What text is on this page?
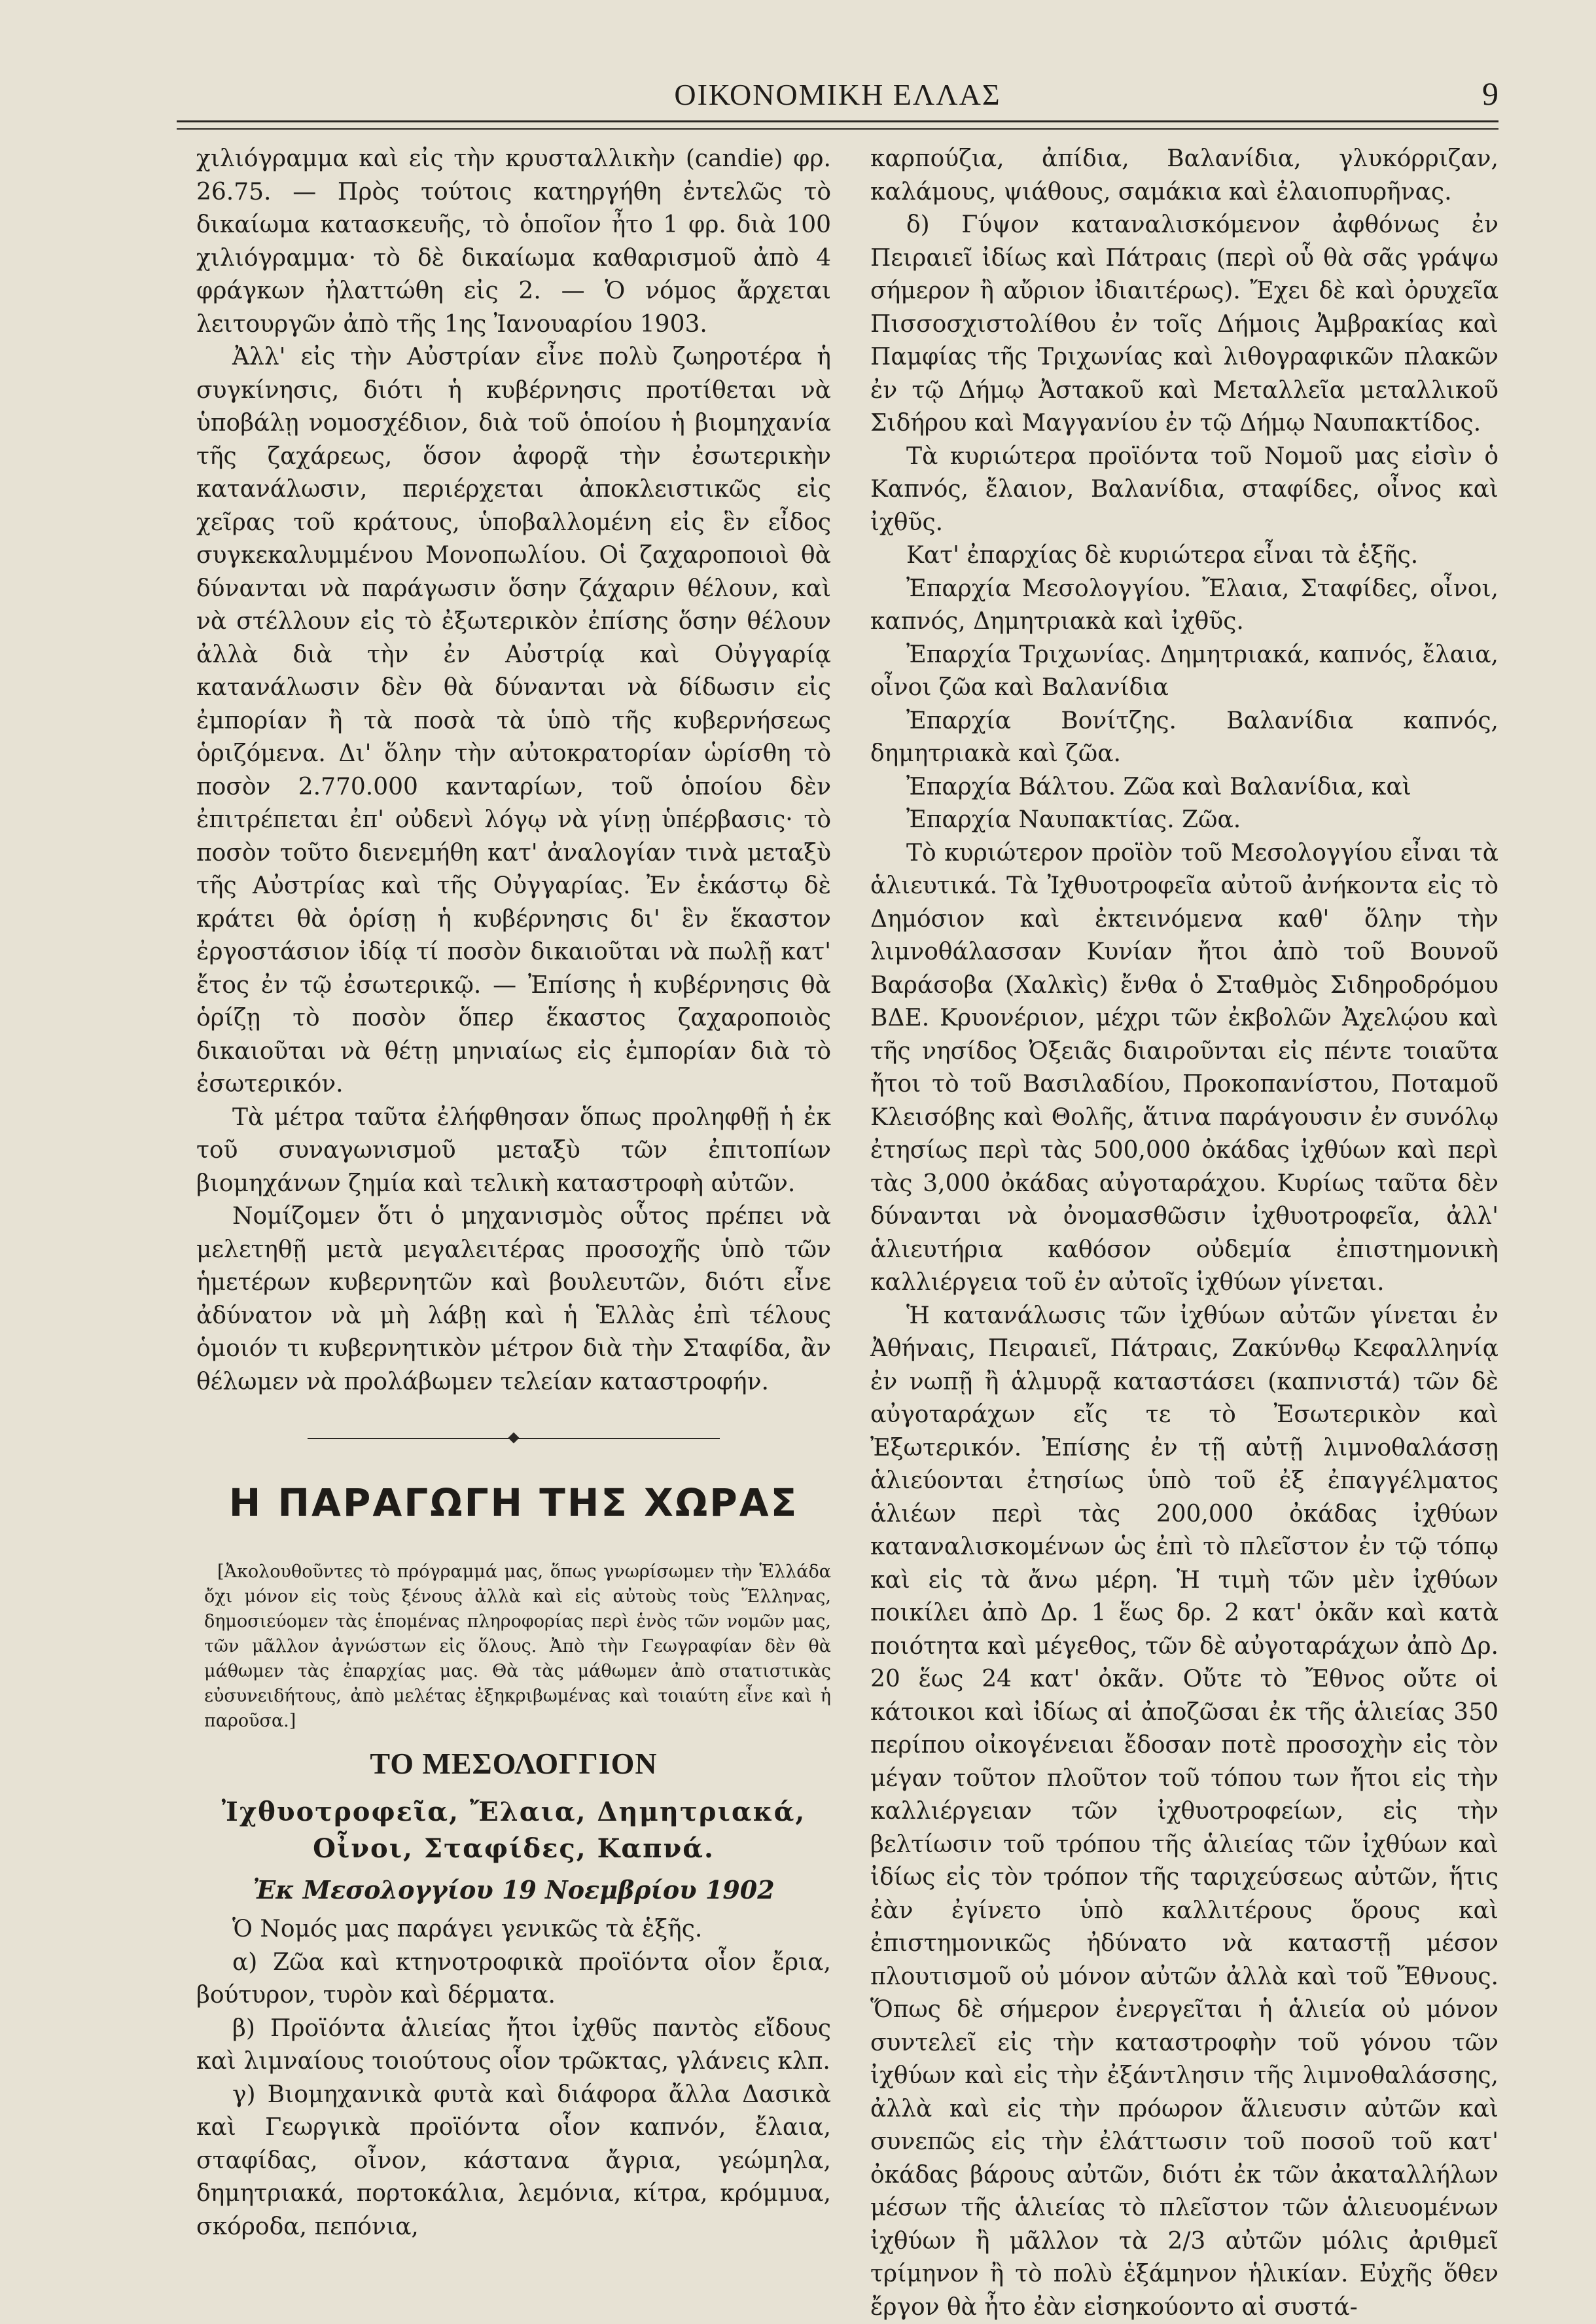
ΟΙΚΟΝΟΜΙΚΗ ΕΛΛΑΣ	9

χιλιόγραμμα καὶ εἰς τὴν κρυσταλλικὴν (candie) φρ. 26.75. — Πρὸς τούτοις κατηργήθη ἐντελῶς τὸ δικαίωμα κατασκευῆς, τὸ ὁποῖον ἦτο 1 φρ. διὰ 100 χιλιόγραμμα· τὸ δὲ δικαίωμα καθαρισμοῦ ἀπὸ 4 φράγκων ἠλαττώθη εἰς 2. — Ὁ νόμος ἄρχεται λειτουργῶν ἀπὸ τῆς 1ης Ἰανουαρίου 1903.

Ἀλλ' εἰς τὴν Αὐστρίαν εἶνε πολὺ ζωηροτέρα ἡ συγκίνησις, διότι ἡ κυβέρνησις προτίθεται νὰ ὑποβάλῃ νομοσχέδιον, διὰ τοῦ ὁποίου ἡ βιομηχανία τῆς ζαχάρεως, ὅσον ἀφορᾷ τὴν ἐσωτερικὴν κατανάλωσιν, περιέρχεται ἀποκλειστικῶς εἰς χεῖρας τοῦ κράτους, ὑποβαλλομένη εἰς ἓν εἶδος συγκεκαλυμμένου Μονοπωλίου. Οἱ ζαχαροποιοὶ θὰ δύνανται νὰ παράγωσιν ὅσην ζάχαριν θέλουν, καὶ νὰ στέλλουν εἰς τὸ ἐξωτερικὸν ἐπίσης ὅσην θέλουν ἀλλὰ διὰ τὴν ἐν Αὐστρίᾳ καὶ Οὐγγαρίᾳ κατανάλωσιν δὲν θὰ δύνανται νὰ δίδωσιν εἰς ἐμπορίαν ἢ τὰ ποσὰ τὰ ὑπὸ τῆς κυβερνήσεως ὁριζόμενα. Δι' ὅλην τὴν αὐτοκρατορίαν ὡρίσθη τὸ ποσὸν 2.770.000 κανταρίων, τοῦ ὁποίου δὲν ἐπιτρέπεται ἐπ' οὐδενὶ λόγῳ νὰ γίνῃ ὑπέρβασις· τὸ ποσὸν τοῦτο διενεμήθη κατ' ἀναλογίαν τινὰ μεταξὺ τῆς Αὐστρίας καὶ τῆς Οὐγγαρίας. Ἐν ἑκάστῳ δὲ κράτει θὰ ὁρίσῃ ἡ κυβέρνησις δι' ἓν ἕκαστον ἐργοστάσιον ἰδίᾳ τί ποσὸν δικαιοῦται νὰ πωλῇ κατ' ἔτος ἐν τῷ ἐσωτερικῷ. — Ἐπίσης ἡ κυβέρνησις θὰ ὁρίζῃ τὸ ποσὸν ὅπερ ἕκαστος ζαχαροποιὸς δικαιοῦται νὰ θέτῃ μηνιαίως εἰς ἐμπορίαν διὰ τὸ ἐσωτερικόν.

Τὰ μέτρα ταῦτα ἐλήφθησαν ὅπως προληφθῇ ἡ ἐκ τοῦ συναγωνισμοῦ μεταξὺ τῶν ἐπιτοπίων βιομηχάνων ζημία καὶ τελικὴ καταστροφὴ αὐτῶν.

Νομίζομεν ὅτι ὁ μηχανισμὸς οὗτος πρέπει νὰ μελετηθῇ μετὰ μεγαλειτέρας προσοχῆς ὑπὸ τῶν ἡμετέρων κυβερνητῶν καὶ βουλευτῶν, διότι εἶνε ἀδύνατον νὰ μὴ λάβῃ καὶ ἡ Ἑλλὰς ἐπὶ τέλους ὁμοιόν τι κυβερνητικὸν μέτρον διὰ τὴν Σταφίδα, ἂν θέλωμεν νὰ προλάβωμεν τελείαν καταστροφήν.

Η ΠΑΡΑΓΩΓΗ ΤΗΣ ΧΩΡΑΣ

[Ἀκολουθοῦντες τὸ πρόγραμμά μας, ὅπως γνωρίσωμεν τὴν Ἑλλάδα ὄχι μόνον εἰς τοὺς ξένους ἀλλὰ καὶ εἰς αὐτοὺς τοὺς Ἕλληνας, δημοσιεύομεν τὰς ἑπομένας πληροφορίας περὶ ἑνὸς τῶν νομῶν μας, τῶν μᾶλλον ἀγνώστων εἰς ὅλους. Ἀπὸ τὴν Γεωγραφίαν δὲν θὰ μάθωμεν τὰς ἐπαρχίας μας. Θὰ τὰς μάθωμεν ἀπὸ στατιστικὰς εὐσυνειδήτους, ἀπὸ μελέτας ἐξηκριβωμένας καὶ τοιαύτη εἶνε καὶ ἡ παροῦσα.]

ΤΟ ΜΕΣΟΛΟΓΓΙΟΝ
Ἰχθυοτροφεῖα, Ἔλαια, Δημητριακά,
Οἶνοι, Σταφίδες, Καπνά.
Ἐκ Μεσολογγίου 19 Νοεμβρίου 1902

Ὁ Νομός μας παράγει γενικῶς τὰ ἑξῆς.

α) Ζῶα καὶ κτηνοτροφικὰ προϊόντα οἷον ἔρια, βούτυρον, τυρὸν καὶ δέρματα.

β) Προϊόντα ἁλιείας ἤτοι ἰχθῦς παντὸς εἴδους καὶ λιμναίους τοιούτους οἷον τρῶκτας, γλάνεις κλπ.

γ) Βιομηχανικὰ φυτὰ καὶ διάφορα ἄλλα Δασικὰ καὶ Γεωργικὰ προϊόντα οἷον καπνόν, ἔλαια, σταφίδας, οἶνον, κάστανα ἄγρια, γεώμηλα, δημητριακά, πορτοκάλια, λεμόνια, κίτρα, κρόμμυα, σκόροδα, πεπόνια,

καρπούζια, ἀπίδια, Βαλανίδια, γλυκόρριζαν, καλάμους, ψιάθους, σαμάκια καὶ ἐλαιοπυρῆνας.

δ) Γύψον καταναλισκόμενον ἀφθόνως ἐν Πειραιεῖ ἰδίως καὶ Πάτραις (περὶ οὗ θὰ σᾶς γράψω σήμερον ἢ αὔριον ἰδιαιτέρως). Ἔχει δὲ καὶ ὀρυχεῖα Πισσοσχιστολίθου ἐν τοῖς Δήμοις Ἀμβρακίας καὶ Παμφίας τῆς Τριχωνίας καὶ λιθογραφικῶν πλακῶν ἐν τῷ Δήμῳ Ἀστακοῦ καὶ Μεταλλεῖα μεταλλικοῦ Σιδήρου καὶ Μαγγανίου ἐν τῷ Δήμῳ Ναυπακτίδος.

Τὰ κυριώτερα προϊόντα τοῦ Νομοῦ μας εἰσὶν ὁ Καπνός, ἔλαιον, Βαλανίδια, σταφίδες, οἶνος καὶ ἰχθῦς.

Κατ' ἐπαρχίας δὲ κυριώτερα εἶναι τὰ ἑξῆς.

Ἐπαρχία Μεσολογγίου. Ἔλαια, Σταφίδες, οἶνοι, καπνός, Δημητριακὰ καὶ ἰχθῦς.

Ἐπαρχία Τριχωνίας. Δημητριακά, καπνός, ἔλαια, οἶνοι ζῶα καὶ Βαλανίδια

Ἐπαρχία Βονίτζης. Βαλανίδια καπνός, δημητριακὰ καὶ ζῶα.

Ἐπαρχία Βάλτου. Ζῶα καὶ Βαλανίδια, καὶ

Ἐπαρχία Ναυπακτίας. Ζῶα.

Τὸ κυριώτερον προϊὸν τοῦ Μεσολογγίου εἶναι τὰ ἁλιευτικά. Τὰ Ἰχθυοτροφεῖα αὐτοῦ ἀνήκοντα εἰς τὸ Δημόσιον καὶ ἐκτεινόμενα καθ' ὅλην τὴν λιμνοθάλασσαν Κυνίαν ἤτοι ἀπὸ τοῦ Βουνοῦ Βαράσοβα (Χαλκὶς) ἔνθα ὁ Σταθμὸς Σιδηροδρόμου ΒΔΕ. Κρυονέριον, μέχρι τῶν ἐκβολῶν Ἀχελῴου καὶ τῆς νησίδος Ὀξειᾶς διαιροῦνται εἰς πέντε τοιαῦτα ἤτοι τὸ τοῦ Βασιλαδίου, Προκοπανίστου, Ποταμοῦ Κλεισόβης καὶ Θολῆς, ἅτινα παράγουσιν ἐν συνόλῳ ἐτησίως περὶ τὰς 500,000 ὀκάδας ἰχθύων καὶ περὶ τὰς 3,000 ὀκάδας αὐγοταράχου. Κυρίως ταῦτα δὲν δύνανται νὰ ὀνομασθῶσιν ἰχθυοτροφεῖα, ἀλλ' ἁλιευτήρια καθόσον οὐδεμία ἐπιστημονικὴ καλλιέργεια τοῦ ἐν αὐτοῖς ἰχθύων γίνεται.

Ἡ κατανάλωσις τῶν ἰχθύων αὐτῶν γίνεται ἐν Ἀθήναις, Πειραιεῖ, Πάτραις, Ζακύνθῳ Κεφαλληνίᾳ ἐν νωπῇ ἢ ἁλμυρᾷ καταστάσει (καπνιστά) τῶν δὲ αὐγοταράχων εἴς τε τὸ Ἐσωτερικὸν καὶ Ἐξωτερικόν. Ἐπίσης ἐν τῇ αὐτῇ λιμνοθαλάσσῃ ἁλιεύονται ἐτησίως ὑπὸ τοῦ ἐξ ἐπαγγέλματος ἁλιέων περὶ τὰς 200,000 ὀκάδας ἰχθύων καταναλισκομένων ὡς ἐπὶ τὸ πλεῖστον ἐν τῷ τόπῳ καὶ εἰς τὰ ἄνω μέρη. Ἡ τιμὴ τῶν μὲν ἰχθύων ποικίλει ἀπὸ Δρ. 1 ἕως δρ. 2 κατ' ὀκᾶν καὶ κατὰ ποιότητα καὶ μέγεθος, τῶν δὲ αὐγοταράχων ἀπὸ Δρ. 20 ἕως 24 κατ' ὀκᾶν. Οὔτε τὸ Ἔθνος οὔτε οἱ κάτοικοι καὶ ἰδίως αἱ ἀποζῶσαι ἐκ τῆς ἁλιείας 350 περίπου οἰκογένειαι ἔδοσαν ποτὲ προσοχὴν εἰς τὸν μέγαν τοῦτον πλοῦτον τοῦ τόπου των ἤτοι εἰς τὴν καλλιέργειαν τῶν ἰχθυοτροφείων, εἰς τὴν βελτίωσιν τοῦ τρόπου τῆς ἁλιείας τῶν ἰχθύων καὶ ἰδίως εἰς τὸν τρόπον τῆς ταριχεύσεως αὐτῶν, ἥτις ἐὰν ἐγίνετο ὑπὸ καλλιτέρους ὅρους καὶ ἐπιστημονικῶς ἠδύνατο νὰ καταστῇ μέσον πλουτισμοῦ οὐ μόνον αὐτῶν ἀλλὰ καὶ τοῦ Ἔθνους. Ὅπως δὲ σήμερον ἐνεργεῖται ἡ ἁλιεία οὐ μόνον συντελεῖ εἰς τὴν καταστροφὴν τοῦ γόνου τῶν ἰχθύων καὶ εἰς τὴν ἐξάντλησιν τῆς λιμνοθαλάσσης, ἀλλὰ καὶ εἰς τὴν πρόωρον ἅλιευσιν αὐτῶν καὶ συνεπῶς εἰς τὴν ἐλάττωσιν τοῦ ποσοῦ τοῦ κατ' ὀκάδας βάρους αὐτῶν, διότι ἐκ τῶν ἀκαταλλήλων μέσων τῆς ἁλιείας τὸ πλεῖστον τῶν ἁλιευομένων ἰχθύων ἢ μᾶλλον τὰ 2/3 αὐτῶν μόλις ἀριθμεῖ τρίμηνον ἢ τὸ πολὺ ἑξάμηνον ἡλικίαν. Εὐχῆς ὅθεν ἔργον θὰ ἦτο ἐὰν εἰσηκούοντο αἱ συστά-
